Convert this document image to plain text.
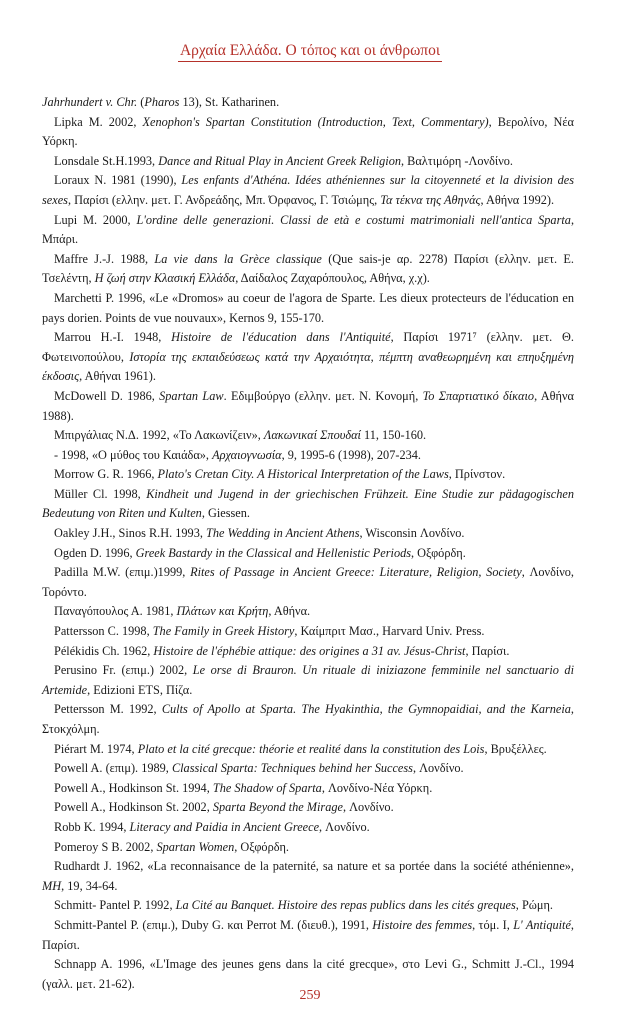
Αρχαία Ελλάδα. Ο τόπος και οι άνθρωποι

Jahrhundert v. Chr. (Pharos 13), St. Katharinen.

Lipka M. 2002, Xenophon's Spartan Constitution (Introduction, Text, Commentary), Βερολίνο, Νέα Υόρκη.

Lonsdale St.H.1993, Dance and Ritual Play in Ancient Greek Religion, Βαλτιμόρη -Λονδίνο.

Loraux N. 1981 (1990), Les enfants d'Athéna. Idées athéniennes sur la citoyenneté et la division des sexes, Παρίσι (ελλην. μετ. Γ. Ανδρεάδης, Μπ. Όρφανος, Γ. Τσιώμης, Τα τέκνα της Αθηνάς, Αθήνα 1992).

Lupi M. 2000, L'ordine delle generazioni. Classi de età e costumi matrimoniali nell'antica Sparta, Μπάρι.

Maffre J.-J. 1988, La vie dans la Grèce classique (Que sais-je αρ. 2278) Παρίσι (ελλην. μετ. Ε. Τσελέντη, Η ζωή στην Κλασική Ελλάδα, Δαίδαλος Ζαχαρόπουλος, Αθήνα, χ.χ).

Marchetti P. 1996, «Le «Dromos» au coeur de l'agora de Sparte. Les dieux protecteurs de l'éducation en pays dorien. Points de vue nouvaux», Kernos 9, 155-170.

Marrou H.-I. 1948, Histoire de l'éducation dans l'Antiquité, Παρίσι 1971⁷ (ελλην. μετ. Θ. Φωτεινοπούλου, Ιστορία της εκπαιδεύσεως κατά την Αρχαιότητα, πέμπτη αναθεωρημένη και επηυξημένη έκδοσις, Αθήναι 1961).

McDowell D. 1986, Spartan Law. Εδιμβούργο (ελλην. μετ. Ν. Κονομή, Το Σπαρτιατικό δίκαιο, Αθήνα 1988).

Μπιργάλιας Ν.Δ. 1992, «Το Λακωνίζειν», Λακωνικαί Σπουδαί 11, 150-160.

- 1998, «Ο μύθος του Καιάδα», Αρχαιογνωσία, 9, 1995-6 (1998), 207-234.

Morrow G. R. 1966, Plato's Cretan City. A Historical Interpretation of the Laws, Πρίνστον.

Müller Cl. 1998, Kindheit und Jugend in der griechischen Frühzeit. Eine Studie zur pädagogischen Bedeutung von Riten und Kulten, Giessen.

Oakley J.H., Sinos R.H. 1993, The Wedding in Ancient Athens, Wisconsin Λονδίνο.

Ogden D. 1996, Greek Bastardy in the Classical and Hellenistic Periods, Οξφόρδη.

Padilla M.W. (επιμ.)1999, Rites of Passage in Ancient Greece: Literature, Religion, Society, Λονδίνο, Τορόντο.

Παναγόπουλος Α. 1981, Πλάτων και Κρήτη, Αθήνα.

Pattersson C. 1998, The Family in Greek History, Καίμπριτ Μασ., Harvard Univ. Press.

Pélékidis Ch. 1962, Histoire de l'éphébie attique: des origines a 31 av. Jésus-Christ, Παρίσι.

Perusino Fr. (επιμ.) 2002, Le orse di Brauron. Un rituale di iniziazone femminile nel sanctuario di Artemide, Edizioni ETS, Πίζα.

Pettersson M. 1992, Cults of Apollo at Sparta. The Hyakinthia, the Gymnopaidiai, and the Karneia, Στοκχόλμη.

Piérart M. 1974, Plato et la cité grecque: théorie et realité dans la constitution des Lois, Βρυξέλλες.

Powell A. (επιμ). 1989, Classical Sparta: Techniques behind her Success, Λονδίνο.

Powell A., Hodkinson St. 1994, The Shadow of Sparta, Λονδίνο-Νέα Υόρκη.

Powell A., Hodkinson St. 2002, Sparta Beyond the Mirage, Λονδίνο.

Robb K. 1994, Literacy and Paidia in Ancient Greece, Λονδίνο.

Pomeroy S B. 2002, Spartan Women, Οξφόρδη.

Rudhardt J. 1962, «La reconnaisance de la paternité, sa nature et sa portée dans la société athénienne», MH, 19, 34-64.

Schmitt- Pantel P. 1992, La Cité au Banquet. Histoire des repas publics dans les cités greques, Ρώμη.

Schmitt-Pantel P. (επιμ.), Duby G. και Perrot M. (διευθ.), 1991, Histoire des femmes, τόμ. I, L' Antiquité, Παρίσι.

Schnapp A. 1996, «L'Image des jeunes gens dans la cité grecque», στο Levi G., Schmitt J.-Cl., 1994 (γαλλ. μετ. 21-62).

259
